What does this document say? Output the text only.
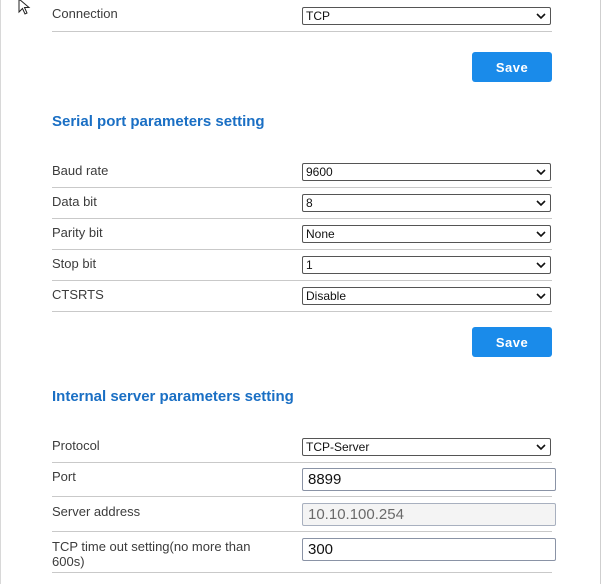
Connection
TCP
Save
Serial port parameters setting
Baud rate
9600
Data bit
8
Parity bit
None
Stop bit
1
CTSRTS
Disable
Save
Internal server parameters setting
Protocol
TCP-Server
Port
8899
Server address
10.10.100.254
TCP time out setting(no more than 600s)
300
